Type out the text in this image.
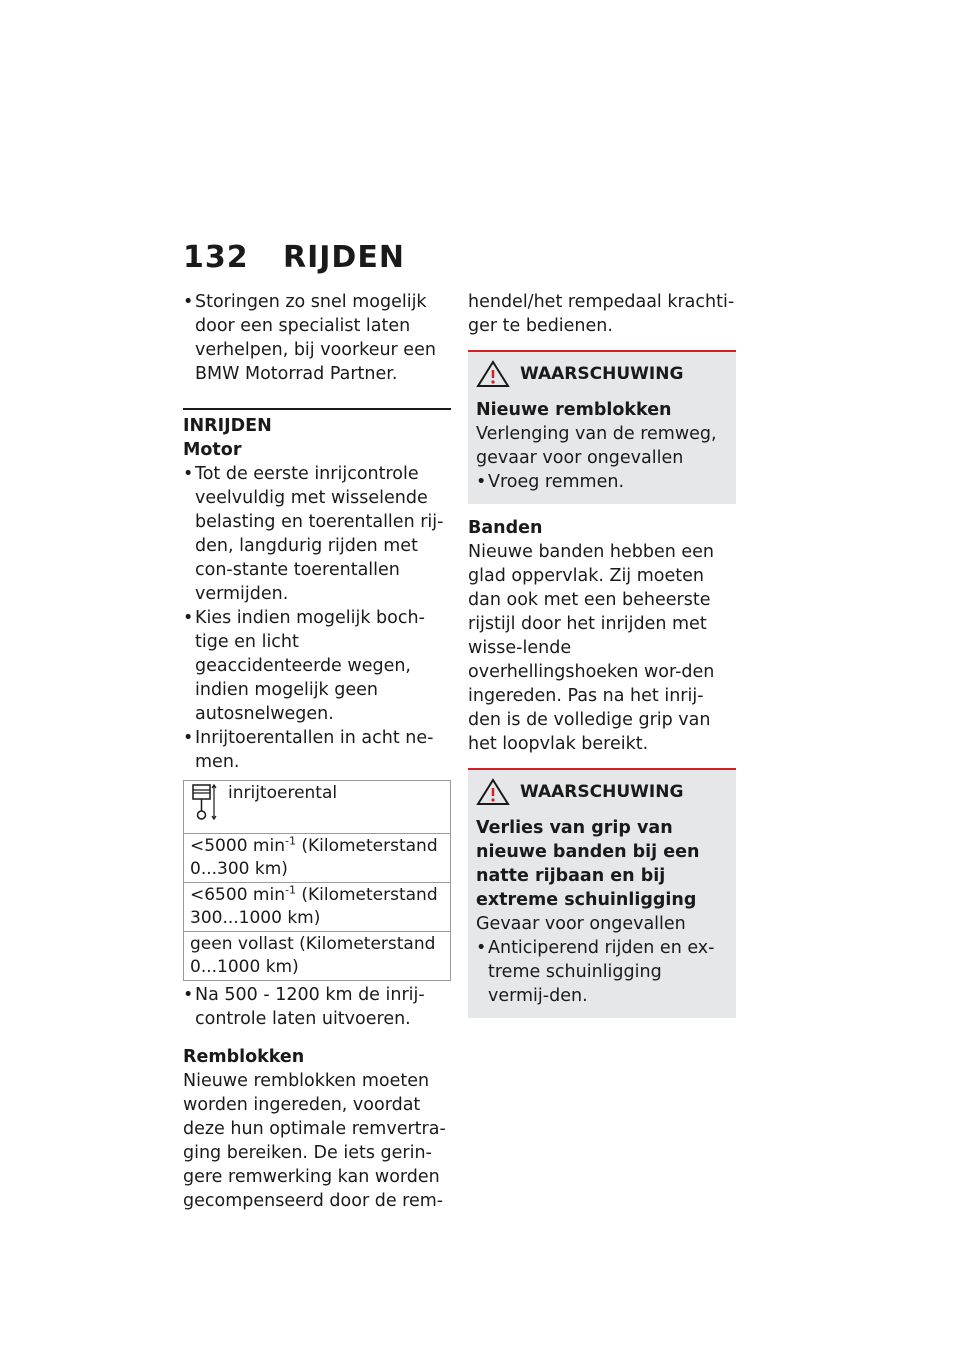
132	RIJDEN
• Storingen zo snel mogelijk door een specialist laten verhelpen, bij voorkeur een BMW Motorrad Partner.
INRIJDEN
Motor
• Tot de eerste inrijcontrole veelvuldig met wisselende belasting en toerentallen rij-den, langdurig rijden met con-stante toerentallen vermijden.
• Kies indien mogelijk boch-tige en licht geaccidenteerde wegen, indien mogelijk geen autosnelwegen.
• Inrijtoerentallen in acht ne-men.
inrijtoerental

<5000 $\min^{-1}$ (Kilometerstand 0...300 km)
<6500 $\min^{-1}$ (Kilometerstand 300...1000 km)
geen vollast (Kilometerstand 0...1000 km)
• Na 500 - 1200 km de inrij-controle laten uitvoeren.
Remblokken

Nieuwe remblokken moeten worden ingereden, voordat deze hun optimale remvertra-ging bereiken. De iets gerin-gere remwerking kan worden gecompenseerd door de rem-

hendel/het rempedaal krachti-ger te bedienen.

WAARSCHUWING
Nieuwe remblokken
Verlenging van de remweg, gevaar voor ongevallen
• Vroeg remmen.
Banden

Nieuwe banden hebben een glad oppervlak. Zij moeten dan ook met een beheerste rijstijl door het inrijden met wisse-lende overhellingshoeken wor-den ingereden. Pas na het inrij-den is de volledige grip van het loopvlak bereikt.

WAARSCHUWING
Verlies van grip van nieuwe banden bij een natte rijbaan en bij extreme schuinligging
Gevaar voor ongevallen
• Anticiperend rijden en ex-treme schuinligging vermij-den.
